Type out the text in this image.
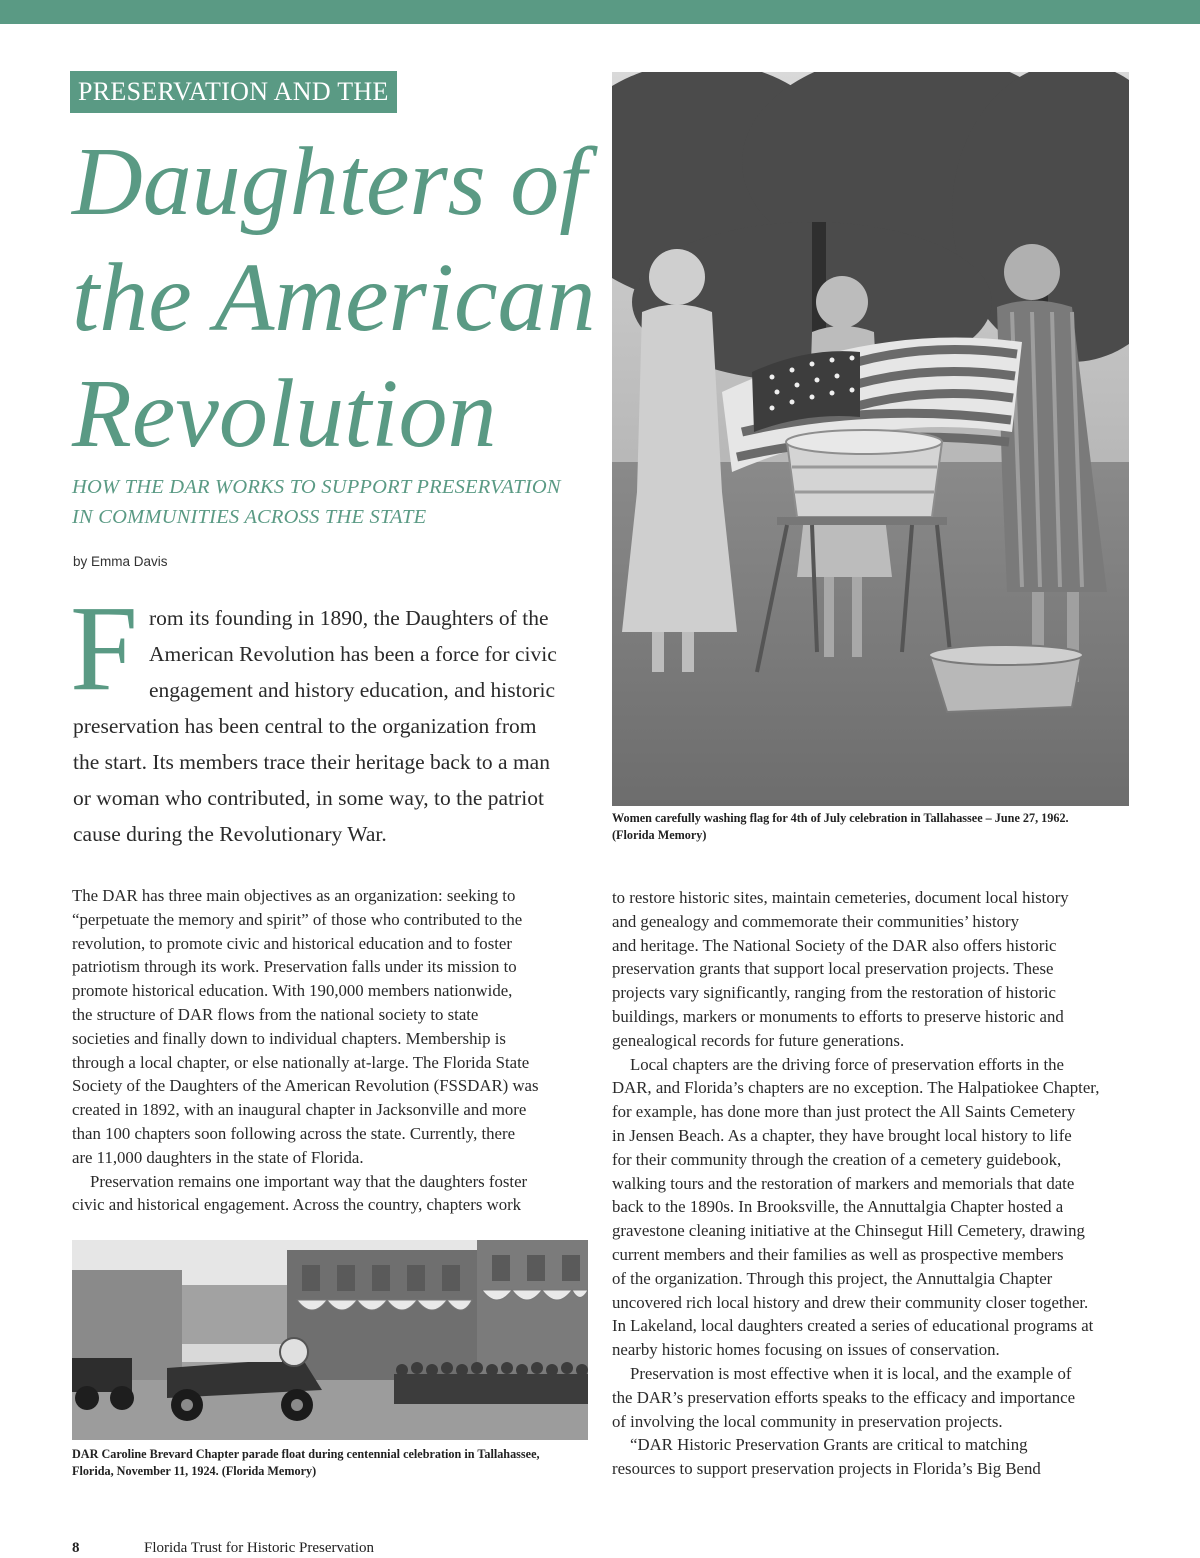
PRESERVATION AND THE
Daughters of
the American
Revolution
HOW THE DAR WORKS TO SUPPORT PRESERVATION
IN COMMUNITIES ACROSS THE STATE
by Emma Davis
F rom its founding in 1890, the Daughters of the
American Revolution has been a force for civic
engagement and history education, and historic
preservation has been central to the organization from
the start. Its members trace their heritage back to a man
or woman who contributed, in some way, to the patriot
cause during the Revolutionary War.
Women carefully washing flag for 4th of July celebration in Tallahassee – June 27, 1962.
(Florida Memory)

The DAR has three main objectives as an organization: seeking to

“perpetuate the memory and spirit” of those who contributed to the

revolution, to promote civic and historical education and to foster

patriotism through its work. Preservation falls under its mission to

promote historical education. With 190,000 members nationwide,

the structure of DAR flows from the national society to state

societies and finally down to individual chapters. Membership is

through a local chapter, or else nationally at-large. The Florida State

Society of the Daughters of the American Revolution (FSSDAR) was

created in 1892, with an inaugural chapter in Jacksonville and more

than 100 chapters soon following across the state. Currently, there

are 11,000 daughters in the state of Florida.

Preservation remains one important way that the daughters foster

civic and historical engagement. Across the country, chapters work

DAR Caroline Brevard Chapter parade float during centennial celebration in Tallahassee,
Florida, November 11, 1924. (Florida Memory)

to restore historic sites, maintain cemeteries, document local history

and genealogy and commemorate their communities’ history

and heritage. The National Society of the DAR also offers historic

preservation grants that support local preservation projects. These

projects vary significantly, ranging from the restoration of historic

buildings, markers or monuments to efforts to preserve historic and

genealogical records for future generations.

Local chapters are the driving force of preservation efforts in the

DAR, and Florida’s chapters are no exception. The Halpatiokee Chapter,

for example, has done more than just protect the All Saints Cemetery

in Jensen Beach. As a chapter, they have brought local history to life

for their community through the creation of a cemetery guidebook,

walking tours and the restoration of markers and memorials that date

back to the 1890s. In Brooksville, the Annuttalgia Chapter hosted a

gravestone cleaning initiative at the Chinsegut Hill Cemetery, drawing

current members and their families as well as prospective members

of the organization. Through this project, the Annuttalgia Chapter

uncovered rich local history and drew their community closer together.

In Lakeland, local daughters created a series of educational programs at

nearby historic homes focusing on issues of conservation.

Preservation is most effective when it is local, and the example of

the DAR’s preservation efforts speaks to the efficacy and importance

of involving the local community in preservation projects.

“DAR Historic Preservation Grants are critical to matching

resources to support preservation projects in Florida’s Big Bend

8	Florida Trust for Historic Preservation
